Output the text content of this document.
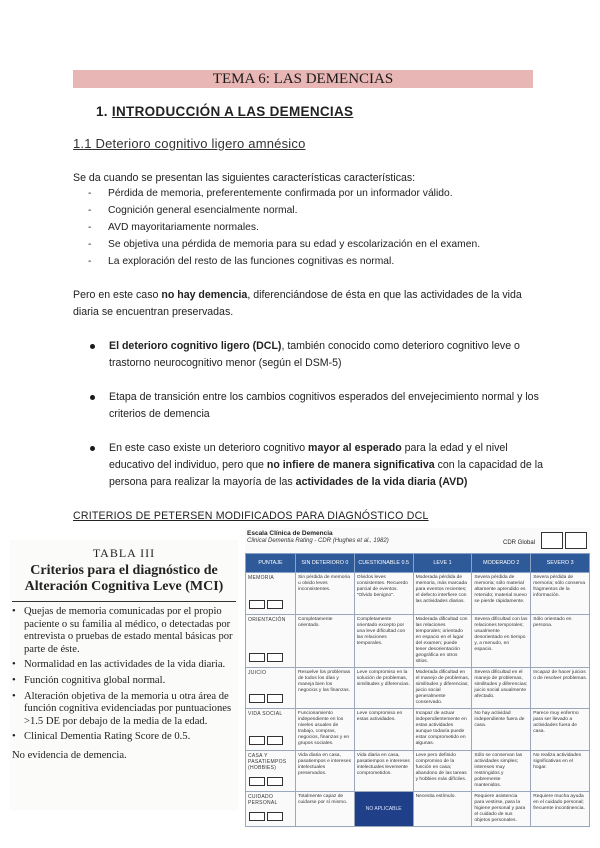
TEMA 6: LAS DEMENCIAS
1. INTRODUCCIÓN A LAS DEMENCIAS
1.1 Deterioro cognitivo ligero amnésico
Se da cuando se presentan las siguientes características características:
- Pérdida de memoria, preferentemente confirmada por un informador válido.
- Cognición general esencialmente normal.
- AVD mayoritariamente normales.
- Se objetiva una pérdida de memoria para su edad y escolarización en el examen.
- La exploración del resto de las funciones cognitivas es normal.
Pero en este caso no hay demencia, diferenciándose de ésta en que las actividades de la vida diaria se encuentran preservadas.
El deterioro cognitivo ligero (DCL), también conocido como deterioro cognitivo leve o trastorno neurocognitivo menor (según el DSM-5)
Etapa de transición entre los cambios cognitivos esperados del envejecimiento normal y los criterios de demencia
En este caso existe un deterioro cognitivo mayor al esperado para la edad y el nivel educativo del individuo, pero que no infiere de manera significativa con la capacidad de la persona para realizar la mayoría de las actividades de la vida diaria (AVD)
CRITERIOS DE PETERSEN MODIFICADOS PARA DIAGNÓSTICO DCL
TABLA III
Criterios para el diagnóstico de Alteración Cognitiva Leve (MCI)
• Quejas de memoria comunicadas por el propio paciente o su familia al médico, o detectadas por entrevista o pruebas de estado mental básicas por parte de éste.
• Normalidad en las actividades de la vida diaria.
• Función cognitiva global normal.
• Alteración objetiva de la memoria u otra área de función cognitiva evidenciadas por puntuaciones >1.5 DE por debajo de la media de la edad.
• Clinical Dementia Rating Score de 0.5.
No evidencia de demencia.
Escala Clínica de Demencia
Clinical Dementia Rating - CDR (Hughes et al., 1982)	CDR Global
PUNTAJE	SIN DETERIORO 0	CUESTIONABLE 0.5	LEVE 1	MODERADO 2	SEVERO 3
MEMORIA	Sin pérdida de memoria u olvido leves inconsistentes.	Olvidos leves consistentes. Recuerdo parcial de eventos. "Olvido benigno".	Moderada pérdida de memoria, más marcada para eventos recientes; el defecto interfiere con las actividades diarias.	Severa pérdida de memoria; sólo material altamente aprendido es retenido; material nuevo se pierde rápidamente.	Severa pérdida de memoria; sólo conserva fragmentos de la información.
ORIENTACIÓN	Completamente orientado.	Completamente orientado excepto por una leve dificultad con las relaciones temporales.	Moderada dificultad con las relaciones temporales; orientado en espacio en el lugar del examen; puede tener desorientación geográfica en otros sitios.	Severa dificultad con las relaciones temporales; usualmente desorientado en tiempo y, a menudo, en espacio.	Sólo orientado en persona.
JUICIO	Resuelve los problemas de todos los días y maneja bien los negocios y las finanzas.	Leve compromiso en la solución de problemas, similitudes y diferencias.	Moderada dificultad en el manejo de problemas, similitudes y diferencias; juicio social generalmente conservado.	Severa dificultad en el manejo de problemas, similitudes y diferencias; juicio social usualmente afectado.	Incapaz de hacer juicios o de resolver problemas.
VIDA SOCIAL	Funcionamiento independiente en los niveles usuales de trabajo, compras, negocios, finanzas y en grupos sociales.	Leve compromiso en estas actividades.	Incapaz de actuar independientemente en estas actividades aunque todavía puede estar comprometido en algunas.	No hay actividad independiente fuera de casa.	Parece muy enfermo para ser llevado a actividades fuera de casa.
CASA Y PASATIEMPOS (HOBBIES)	Vida diaria en casa, pasatiempos e intereses intelectuales preservados.	Vida diaria en casa, pasatiempos e intereses intelectuales levemente comprometidos.	Leve pero definido compromiso de la función en casa; abandono de las tareas y hobbies más difíciles.	Sólo se conservan las actividades simples; intereses muy restringidos y pobremente mantenidos.	No realiza actividades significativas en el hogar.
CUIDADO PERSONAL	Totalmente capaz de cuidarse por sí mismo.	NO APLICABLE	Necesita estímulo.	Requiere asistencia para vestirse, para la higiene personal y para el cuidado de sus objetos personales.	Requiere mucha ayuda en el cuidado personal; frecuente incontinencia.
